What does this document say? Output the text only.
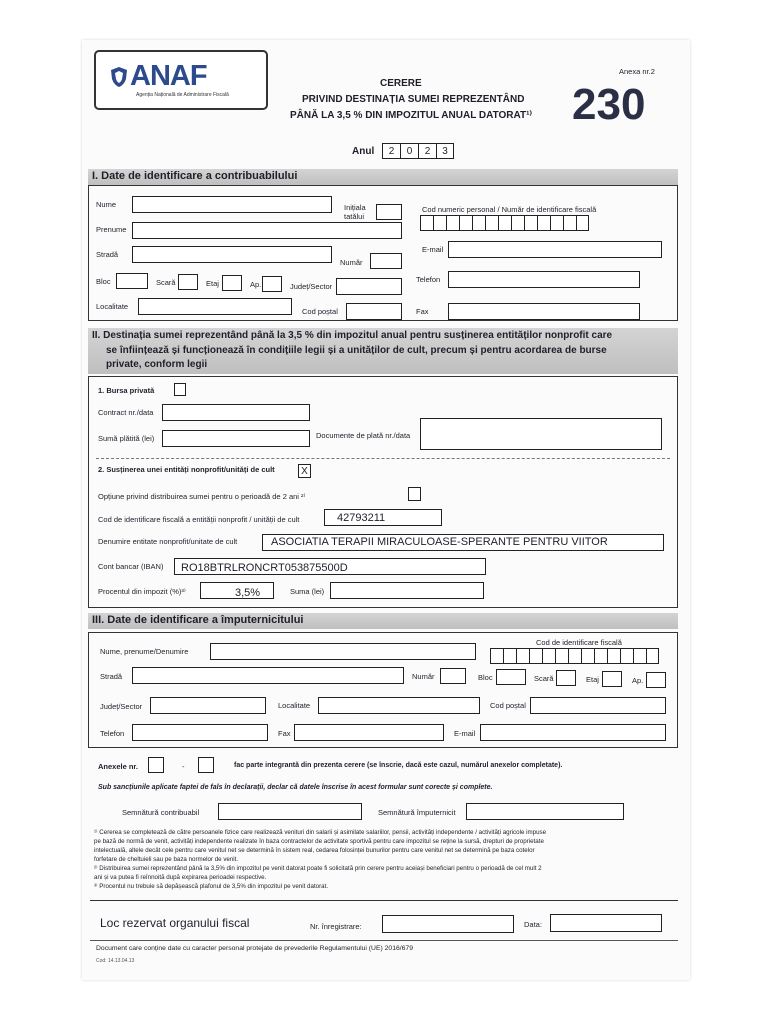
ANAF
Agenția Națională de Administrare Fiscală
Anexa nr.2
CERERE
PRIVIND DESTINAȚIA SUMEI REPREZENTÂND
PÂNĂ LA 3,5 % DIN IMPOZITUL ANUAL DATORAT¹⁾ 230
Anul	2	0	2	3
I. Date de identificare a contribuabilului
Nume	Inițiala tatălui
Cod numeric personal / Număr de identificare fiscală
Prenume
Stradă
Număr
E-mail
Bloc	Scară	Etaj	Ap.	Județ/Sector
Telefon
Localitate
Cod poștal	Fax
II. Destinația sumei reprezentând până la 3,5 % din impozitul anual pentru susținerea entităților nonprofit care
se înființează și funcționează în condițiile legii și a unităților de cult, precum și pentru acordarea de burse
private, conform legii
1. Bursa privată
Contract nr./data
Sumă plătită (lei)	Documente de plată nr./data
2. Susținerea unei entități nonprofit/unități de cult	X
Opțiune privind distribuirea sumei pentru o perioadă de 2 ani ²⁾
Cod de identificare fiscală a entității nonprofit / unității de cult	42793211
Denumire entitate nonprofit/unitate de cult	ASOCIATIA TERAPII MIRACULOASE-SPERANTE PENTRU VIITOR
Cont bancar (IBAN) RO18BTRLRONCRT053875500D
Procentul din impozit (%)³⁾	3,5%	Suma (lei)
III. Date de identificare a împuternicitului
Nume, prenume/Denumire
Cod de identificare fiscală
Stradă	Număr	Bloc	Scară	Etaj	Ap.
Județ/Sector	Localitate	Cod poștal
Telefon	Fax	E-mail
Anexele nr.	-	fac parte integrantă din prezenta cerere (se înscrie, dacă este cazul, numărul anexelor completate).
Sub sancțiunile aplicate faptei de fals în declarații, declar că datele înscrise în acest formular sunt corecte și complete.
Semnătură contribuabil	Semnătură împuternicit
¹⁾ Cererea se completează de către persoanele fizice care realizează venituri din salarii și asimilate salariilor, pensii, activități independente / activități agricole impuse
pe bază de normă de venit, activități independente realizate în baza contractelor de activitate sportivă pentru care impozitul se reține la sursă, drepturi de proprietate
intelectuală, altele decât cele pentru care venitul net se determină în sistem real, cedarea folosinței bunurilor pentru care venitul net se determină pe baza cotelor
forfetare de cheltuieli sau pe baza normelor de venit.
²⁾ Distribuirea sumei reprezentând până la 3,5% din impozitul pe venit datorat poate fi solicitată prin cerere pentru aceiași beneficiari pentru o perioadă de cel mult 2
ani și va putea fi reînnoită după expirarea perioadei respective.
³⁾ Procentul nu trebuie să depășească plafonul de 3,5% din impozitul pe venit datorat.
Loc rezervat organului fiscal	Nr. înregistrare:	Data:
Document care conține date cu caracter personal protejate de prevederile Regulamentului (UE) 2016/679
Cod: 14.13.04.13
